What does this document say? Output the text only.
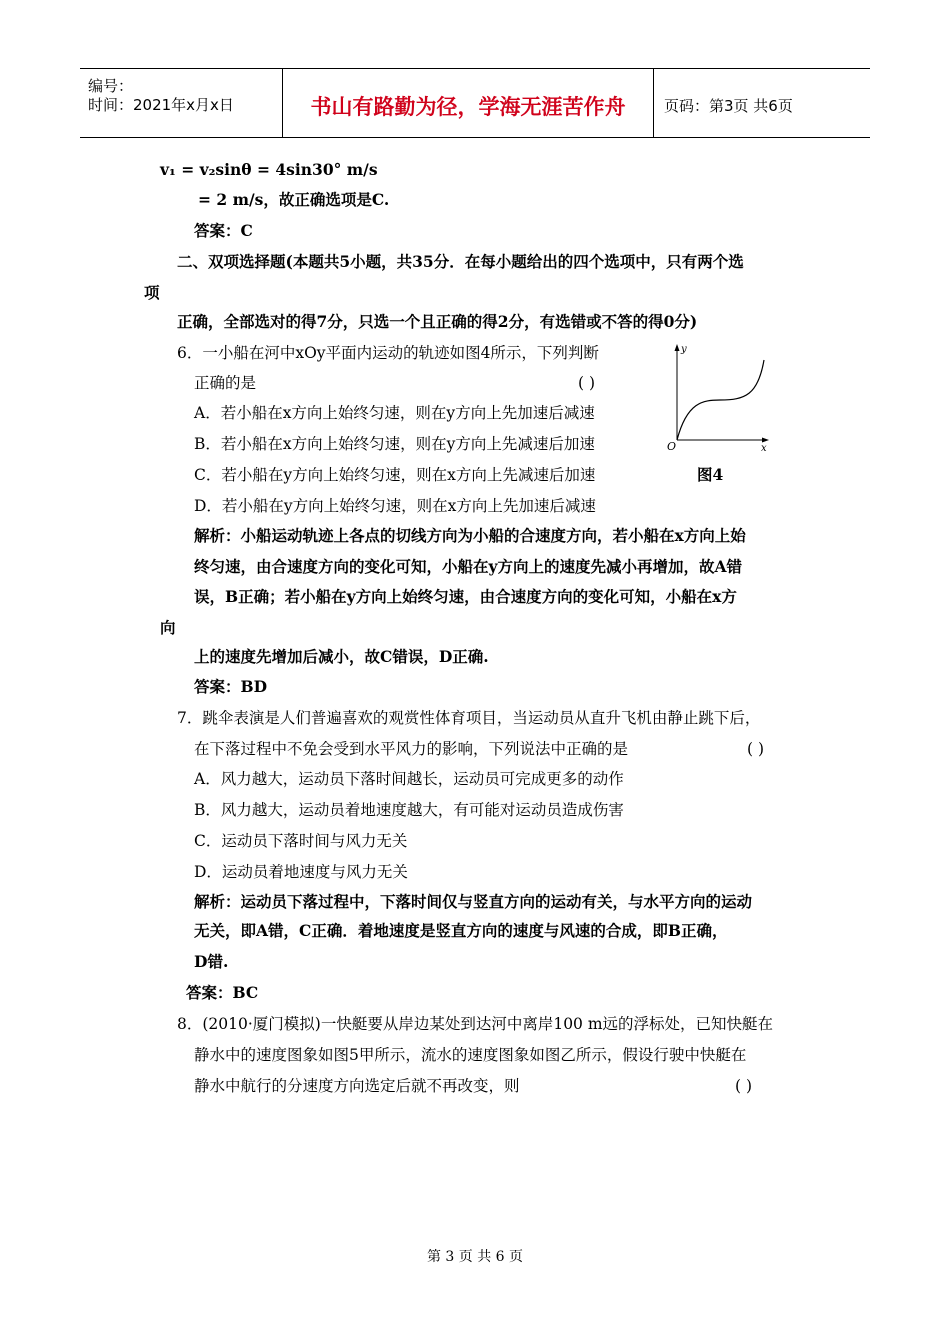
编号：
时间：2021年x月x日	书山有路勤为径，学海无涯苦作舟	页码：第3页 共6页
v₁ = v₂sinθ = 4sin30° m/s
= 2 m/s，故正确选项是C.
答案：C
二、双项选择题(本题共5小题，共35分．在每小题给出的四个选项中，只有两个选
项
正确，全部选对的得7分，只选一个且正确的得2分，有选错或不答的得0分)
6．一小船在河中xOy平面内运动的轨迹如图4所示，下列判断
正确的是	( )
A．若小船在x方向上始终匀速，则在y方向上先加速后减速
B．若小船在x方向上始终匀速，则在y方向上先减速后加速
C．若小船在y方向上始终匀速，则在x方向上先减速后加速
D．若小船在y方向上始终匀速，则在x方向上先加速后减速
y
x
O
图4
解析：小船运动轨迹上各点的切线方向为小船的合速度方向，若小船在x方向上始
终匀速，由合速度方向的变化可知，小船在y方向上的速度先减小再增加，故A错
误，B正确；若小船在y方向上始终匀速，由合速度方向的变化可知，小船在x方
向
上的速度先增加后减小，故C错误，D正确.
答案：BD
7．跳伞表演是人们普遍喜欢的观赏性体育项目，当运动员从直升飞机由静止跳下后，
在下落过程中不免会受到水平风力的影响，下列说法中正确的是	( )
A．风力越大，运动员下落时间越长，运动员可完成更多的动作
B．风力越大，运动员着地速度越大，有可能对运动员造成伤害
C．运动员下落时间与风力无关
D．运动员着地速度与风力无关
解析：运动员下落过程中，下落时间仅与竖直方向的运动有关，与水平方向的运动
无关，即A错，C正确．着地速度是竖直方向的速度与风速的合成，即B正确，
D错.
答案：BC
8．(2010·厦门模拟)一快艇要从岸边某处到达河中离岸100 m远的浮标处，已知快艇在
静水中的速度图象如图5甲所示，流水的速度图象如图乙所示，假设行驶中快艇在
静水中航行的分速度方向选定后就不再改变，则	( )
第 3 页 共 6 页
